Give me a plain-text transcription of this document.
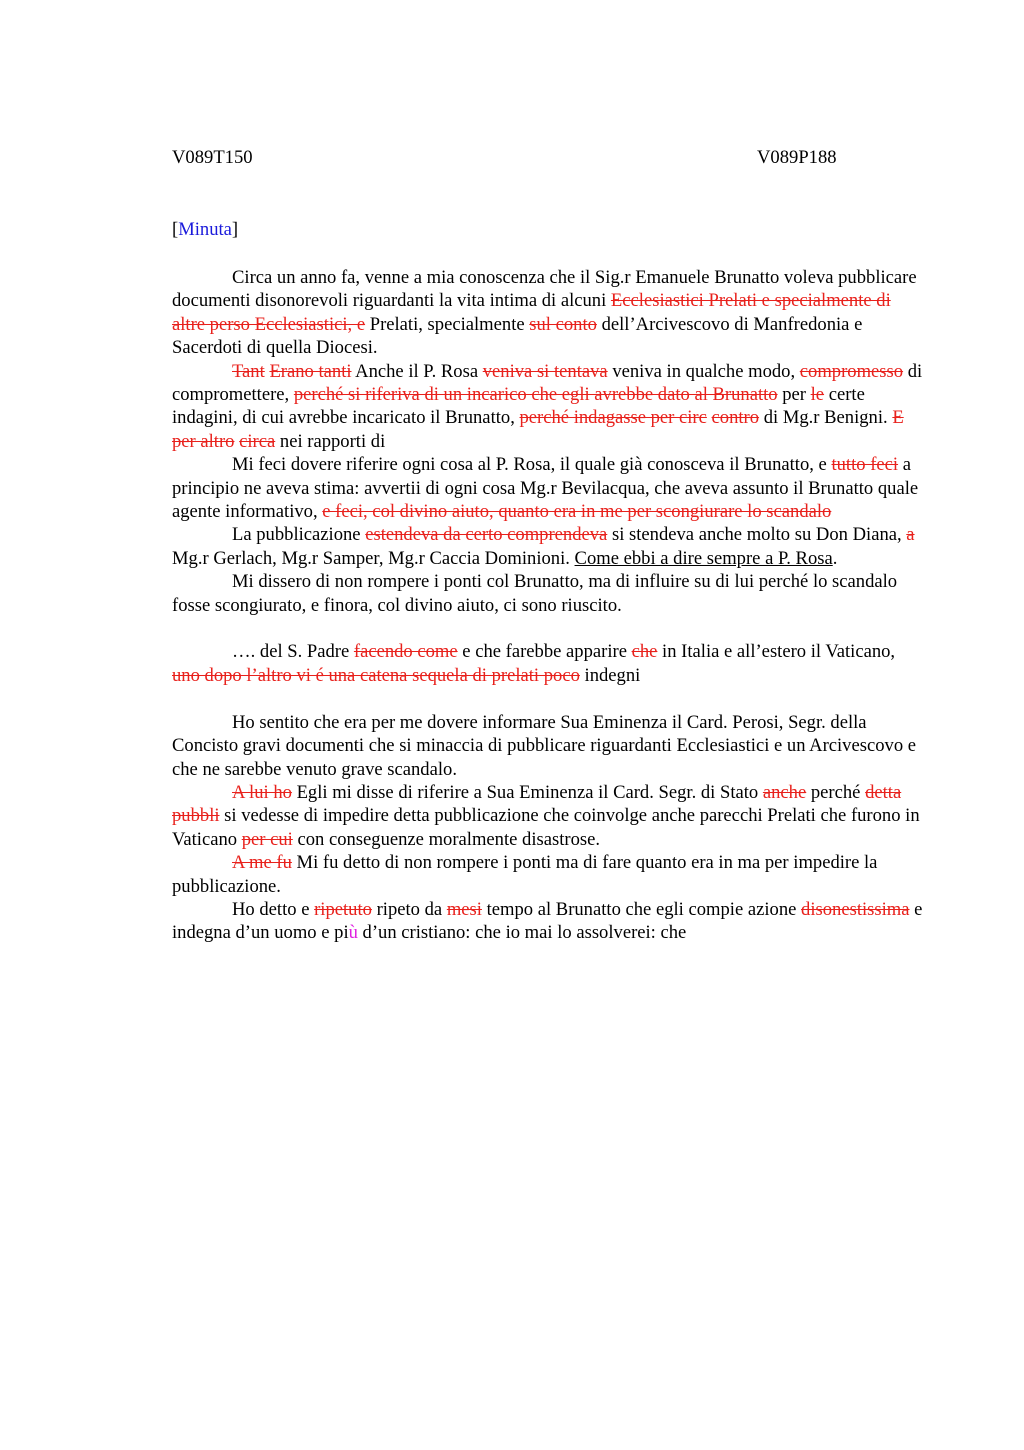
V089T150	V089P188
[Minuta]

Circa un anno fa, venne a mia conoscenza che il Sig.r Emanuele Brunatto voleva pubblicare documenti disonorevoli riguardanti la vita intima di alcuni Ecclesiastici Prelati e specialmente di altre perso Ecclesiastici, e Prelati, specialmente sul conto dell’Arcivescovo di Manfredonia e Sacerdoti di quella Diocesi.

Tant Erano tanti Anche il P. Rosa veniva si tentava veniva in qualche modo, compromesso di compromettere, perché si riferiva di un incarico che egli avrebbe dato al Brunatto per le certe indagini, di cui avrebbe incaricato il Brunatto, perché indagasse per circ contro di Mg.r Benigni. E per altro circa nei rapporti di

Mi feci dovere riferire ogni cosa al P. Rosa, il quale già conosceva il Brunatto, e tutto feci a principio ne aveva stima: avvertii di ogni cosa Mg.r Bevilacqua, che aveva assunto il Brunatto quale agente informativo, e feci, col divino aiuto, quanto era in me per scongiurare lo scandalo

La pubblicazione estendeva da certo comprendeva si stendeva anche molto su Don Diana, a Mg.r Gerlach, Mg.r Samper, Mg.r Caccia Dominioni. Come ebbi a dire sempre a P. Rosa.

Mi dissero di non rompere i ponti col Brunatto, ma di influire su di lui perché lo scandalo fosse scongiurato, e finora, col divino aiuto, ci sono riuscito.

…. del S. Padre facendo come e che farebbe apparire che in Italia e all’estero il Vaticano, uno dopo l’altro vi é una catena sequela di prelati poco indegni

Ho sentito che era per me dovere informare Sua Eminenza il Card. Perosi, Segr. della Concisto gravi documenti che si minaccia di pubblicare riguardanti Ecclesiastici e un Arcivescovo e che ne sarebbe venuto grave scandalo.

A lui ho Egli mi disse di riferire a Sua Eminenza il Card. Segr. di Stato anche perché detta pubbli si vedesse di impedire detta pubblicazione che coinvolge anche parecchi Prelati che furono in Vaticano per cui con conseguenze moralmente disastrose.

A me fu Mi fu detto di non rompere i ponti ma di fare quanto era in ma per impedire la pubblicazione.

Ho detto e ripetuto ripeto da mesi tempo al Brunatto che egli compie azione disonestissima e indegna d’un uomo e più d’un cristiano: che io mai lo assolverei: che
